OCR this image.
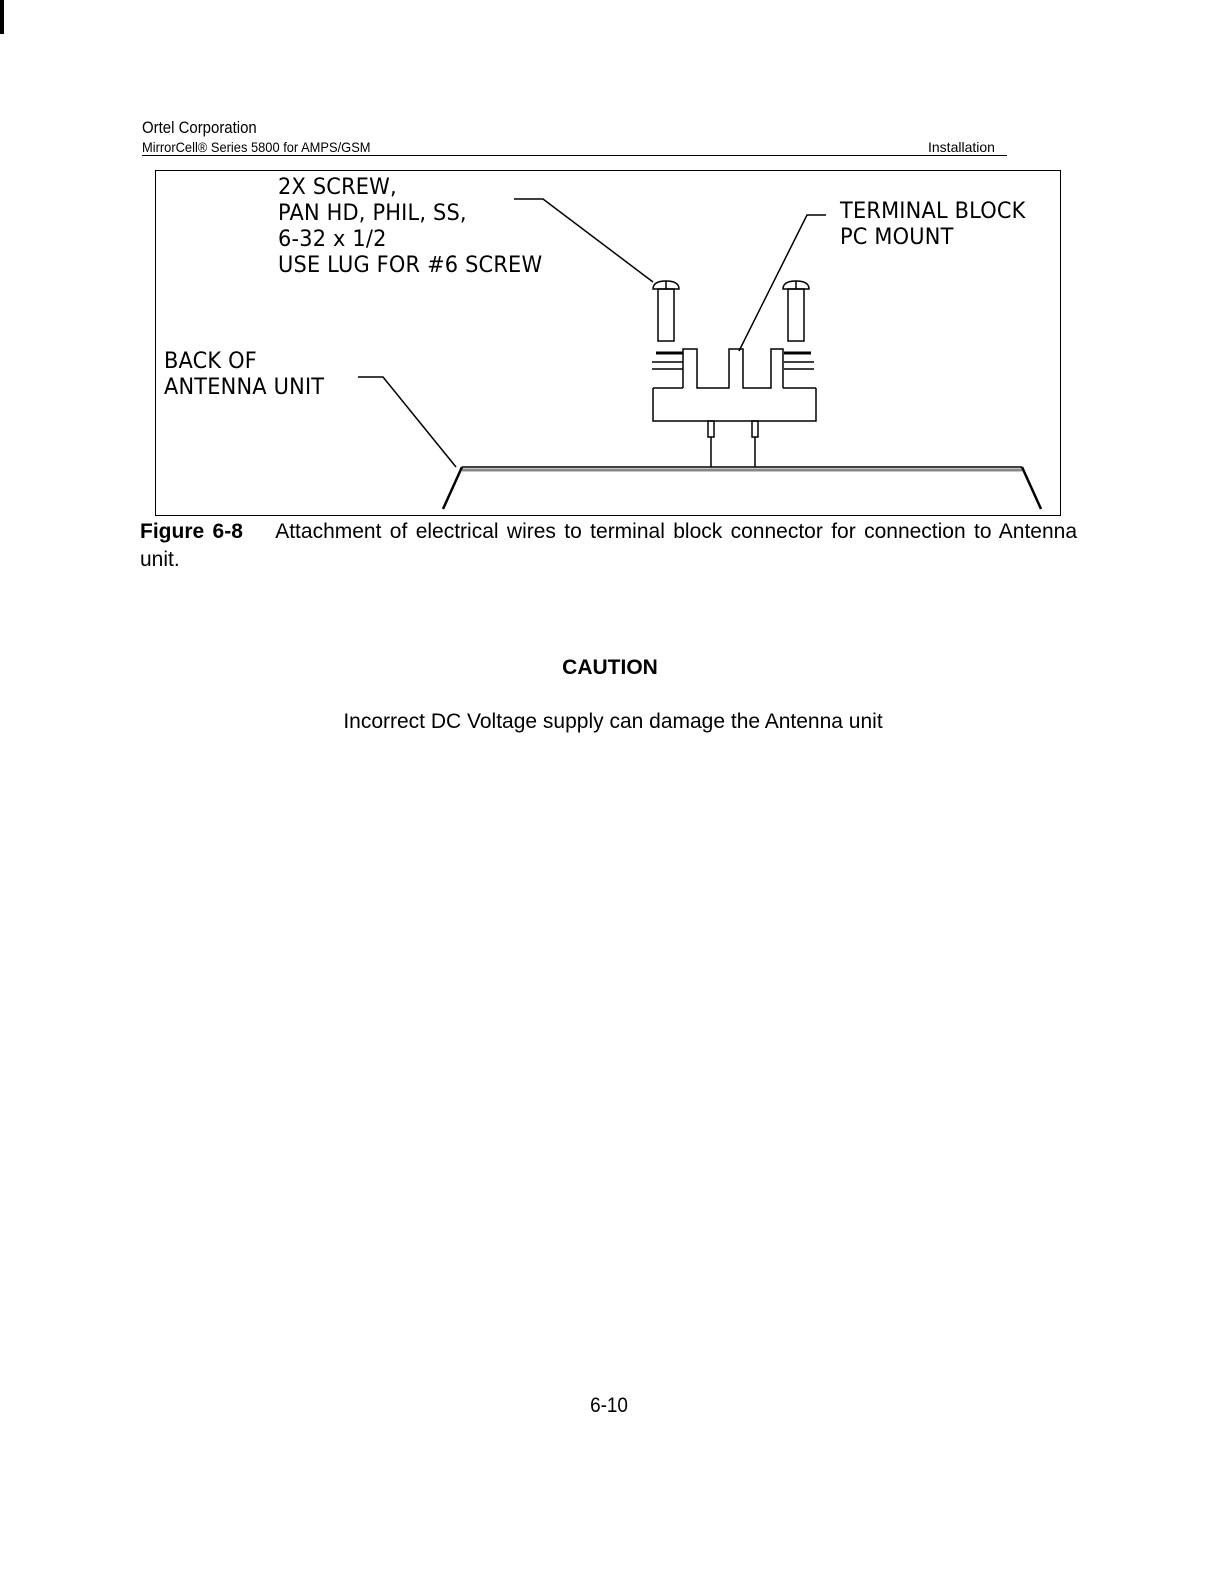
Ortel Corporation
MirrorCell® Series 5800 for AMPS/GSM	Installation
2X SCREW,
PAN HD, PHIL, SS,
6-32 x 1/2
USE LUG FOR #6 SCREW
TERMINAL BLOCK
PC MOUNT
BACK OF
ANTENNA UNIT
Figure 6-8 Attachment of electrical wires to terminal block connector for connection to Antenna unit.
CAUTION
Incorrect DC Voltage supply can damage the Antenna unit
6-10
